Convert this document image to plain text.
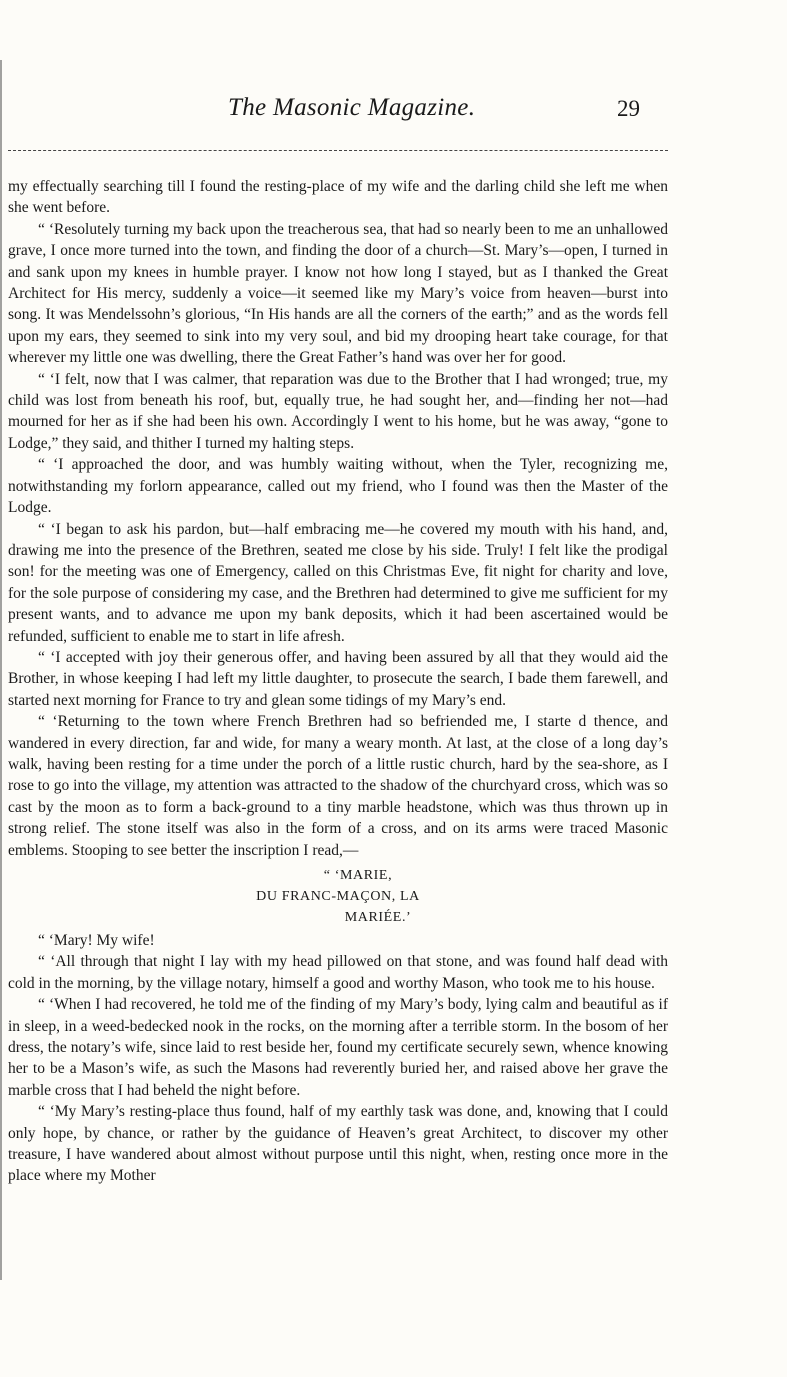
The Masonic Magazine.	29

my effectually searching till I found the resting-place of my wife and the darling child she left me when she went before.

“ ‘Resolutely turning my back upon the treacherous sea, that had so nearly been to me an unhallowed grave, I once more turned into the town, and finding the door of a church—St. Mary’s—open, I turned in and sank upon my knees in humble prayer. I know not how long I stayed, but as I thanked the Great Architect for His mercy, suddenly a voice—it seemed like my Mary’s voice from heaven—burst into song. It was Mendelssohn’s glorious, “In His hands are all the corners of the earth;” and as the words fell upon my ears, they seemed to sink into my very soul, and bid my drooping heart take courage, for that wherever my little one was dwelling, there the Great Father’s hand was over her for good.

“ ‘I felt, now that I was calmer, that reparation was due to the Brother that I had wronged; true, my child was lost from beneath his roof, but, equally true, he had sought her, and—finding her not—had mourned for her as if she had been his own. Accordingly I went to his home, but he was away, “gone to Lodge,” they said, and thither I turned my halting steps.

“ ‘I approached the door, and was humbly waiting without, when the Tyler, recognizing me, notwithstanding my forlorn appearance, called out my friend, who I found was then the Master of the Lodge.

“ ‘I began to ask his pardon, but—half embracing me—he covered my mouth with his hand, and, drawing me into the presence of the Brethren, seated me close by his side. Truly! I felt like the prodigal son! for the meeting was one of Emergency, called on this Christmas Eve, fit night for charity and love, for the sole purpose of considering my case, and the Brethren had determined to give me sufficient for my present wants, and to advance me upon my bank deposits, which it had been ascertained would be refunded, sufficient to enable me to start in life afresh.

“ ‘I accepted with joy their generous offer, and having been assured by all that they would aid the Brother, in whose keeping I had left my little daughter, to prosecute the search, I bade them farewell, and started next morning for France to try and glean some tidings of my Mary’s end.

“ ‘Returning to the town where French Brethren had so befriended me, I starte d thence, and wandered in every direction, far and wide, for many a weary month. At last, at the close of a long day’s walk, having been resting for a time under the porch of a little rustic church, hard by the sea-shore, as I rose to go into the village, my attention was attracted to the shadow of the churchyard cross, which was so cast by the moon as to form a back-ground to a tiny marble headstone, which was thus thrown up in strong relief. The stone itself was also in the form of a cross, and on its arms were traced Masonic emblems. Stooping to see better the inscription I read,—

“ ‘MARIE,
DU FRANC-MAÇON, LA
MARIÉE.’

“ ‘Mary! My wife!

“ ‘All through that night I lay with my head pillowed on that stone, and was found half dead with cold in the morning, by the village notary, himself a good and worthy Mason, who took me to his house.

“ ‘When I had recovered, he told me of the finding of my Mary’s body, lying calm and beautiful as if in sleep, in a weed-bedecked nook in the rocks, on the morning after a terrible storm. In the bosom of her dress, the notary’s wife, since laid to rest beside her, found my certificate securely sewn, whence knowing her to be a Mason’s wife, as such the Masons had reverently buried her, and raised above her grave the marble cross that I had beheld the night before.

“ ‘My Mary’s resting-place thus found, half of my earthly task was done, and, knowing that I could only hope, by chance, or rather by the guidance of Heaven’s great Architect, to discover my other treasure, I have wandered about almost without purpose until this night, when, resting once more in the place where my Mother
